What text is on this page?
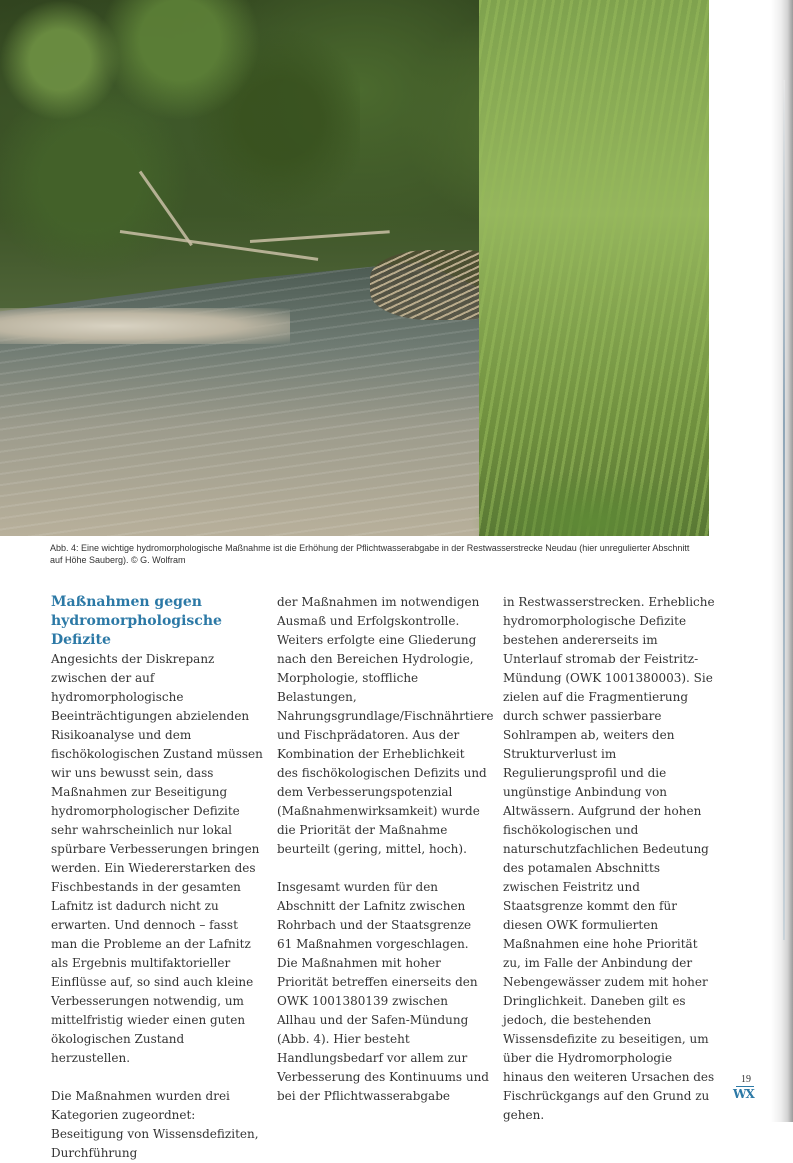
Abb. 4: Eine wichtige hydromorphologische Maßnahme ist die Erhöhung der Pflichtwasserabgabe in der Restwasserstrecke Neudau (hier unregulierter Abschnitt auf Höhe Sauberg). © G. Wolfram

Maßnahmen gegen hydromorphologische Defizite

Angesichts der Diskrepanz zwischen der auf hydromorphologische Beeinträchtigungen abzielenden Risikoanalyse und dem fischökologischen Zustand müssen wir uns bewusst sein, dass Maßnahmen zur Beseitigung hydromorphologischer Defizite sehr wahrscheinlich nur lokal spürbare Verbesserungen bringen werden. Ein Wiedererstarken des Fischbestands in der gesamten Lafnitz ist dadurch nicht zu erwarten. Und dennoch – fasst man die Probleme an der Lafnitz als Ergebnis multifaktorieller Einflüsse auf, so sind auch kleine Verbesserungen notwendig, um mittelfristig wieder einen guten ökologischen Zustand herzustellen.

Die Maßnahmen wurden drei Kategorien zugeordnet: Beseitigung von Wissensdefiziten, Durchführung

der Maßnahmen im notwendigen Ausmaß und Erfolgskontrolle. Weiters erfolgte eine Gliederung nach den Bereichen Hydrologie, Morphologie, stoffliche Belastungen, Nahrungsgrundlage/Fischnährtiere und Fischprädatoren. Aus der Kombination der Erheblichkeit des fischökologischen Defizits und dem Verbesserungspotenzial (Maßnahmenwirksamkeit) wurde die Priorität der Maßnahme beurteilt (gering, mittel, hoch).

Insgesamt wurden für den Abschnitt der Lafnitz zwischen Rohrbach und der Staatsgrenze 61 Maßnahmen vorgeschlagen. Die Maßnahmen mit hoher Priorität betreffen einerseits den OWK 1001380139 zwischen Allhau und der Safen-Mündung (Abb. 4). Hier besteht Handlungsbedarf vor allem zur Verbesserung des Kontinuums und bei der Pflichtwasserabgabe

in Restwasserstrecken. Erhebliche hydromorphologische Defizite bestehen andererseits im Unterlauf stromab der Feistritz-Mündung (OWK 1001380003). Sie zielen auf die Fragmentierung durch schwer passierbare Sohlrampen ab, weiters den Strukturverlust im Regulierungsprofil und die ungünstige Anbindung von Altwässern. Aufgrund der hohen fischökologischen und naturschutzfachlichen Bedeutung des potamalen Abschnitts zwischen Feistritz und Staatsgrenze kommt den für diesen OWK formulierten Maßnahmen eine hohe Priorität zu, im Falle der Anbindung der Nebengewässer zudem mit hoher Dringlichkeit. Daneben gilt es jedoch, die bestehenden Wissensdefizite zu beseitigen, um über die Hydromorphologie hinaus den weiteren Ursachen des Fischrückgangs auf den Grund zu gehen.

19
WX
